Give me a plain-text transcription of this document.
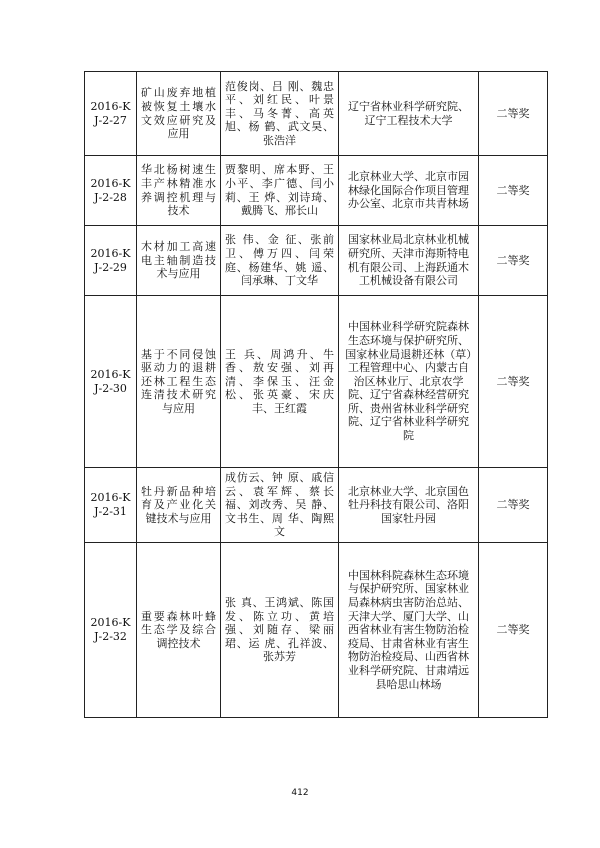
2016-KJ-2-27	矿山废弃地植被恢复土壤水文效应研究及应用	范俊岗、吕 刚、魏忠平、刘红民、叶景丰、马冬菁、高英旭、杨 鹤、武文昊、张浩洋	辽宁省林业科学研究院、辽宁工程技术大学	二等奖
2016-KJ-2-28	华北杨树速生丰产林精准水养调控机理与技术	贾黎明、席本野、王小平、李广德、闫小莉、王 烨、刘诗琦、戴腾飞、邢长山	北京林业大学、北京市园林绿化国际合作项目管理办公室、北京市共青林场	二等奖
2016-KJ-2-29	木材加工高速电主轴制造技术与应用	张 伟、金 征、张前卫、傅万四、闫荣庭、杨建华、姚 遥、闫承琳、丁文华	国家林业局北京林业机械研究所、天津市海斯特电机有限公司、上海跃通木工机械设备有限公司	二等奖
2016-KJ-2-30	基于不同侵蚀驱动力的退耕还林工程生态连清技术研究与应用	王 兵、周鸿升、牛香、敖安强、刘再清、李保玉、汪金松、张英豪、宋庆丰、王红霞	中国林业科学研究院森林生态环境与保护研究所、国家林业局退耕还林（草）工程管理中心、内蒙古自治区林业厅、北京农学院、辽宁省森林经营研究所、贵州省林业科学研究院、辽宁省林业科学研究院	二等奖
2016-KJ-2-31	牡丹新品种培育及产业化关键技术与应用	成仿云、钟 原、戚信云、袁军辉、蔡长福、刘改秀、吴 静、文书生、周 华、陶熙文	北京林业大学、北京国色牡丹科技有限公司、洛阳国家牡丹园	二等奖
2016-KJ-2-32	重要森林叶蜂生态学及综合调控技术	张 真、王鸿斌、陈国发、陈立功、黄培强、刘随存、梁丽珺、运 虎、孔祥波、张苏芳	中国林科院森林生态环境与保护研究所、国家林业局森林病虫害防治总站、天津大学、厦门大学、山西省林业有害生物防治检疫局、甘肃省林业有害生物防治检疫局、山西省林业科学研究院、甘肃靖远县哈思山林场	二等奖
412
